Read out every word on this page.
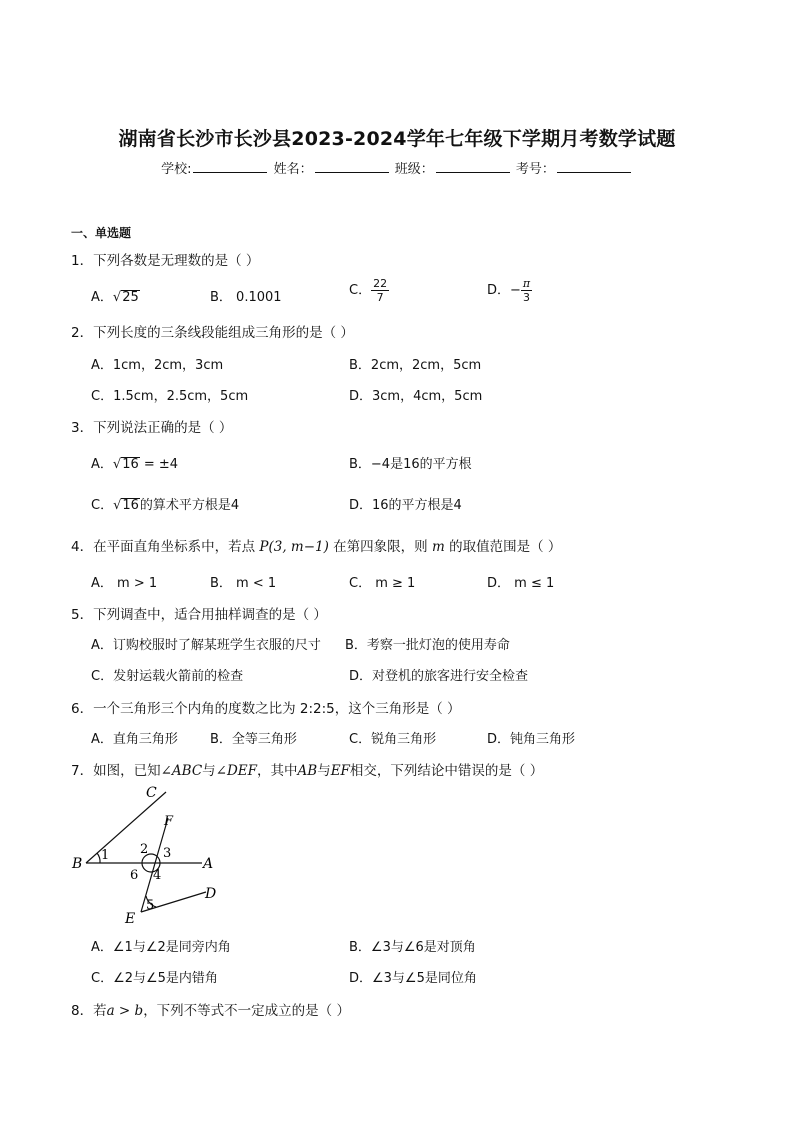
湖南省长沙市长沙县2023-2024学年七年级下学期月考数学试题
学校:	姓名：	班级：	考号：
一、单选题
1．下列各数是无理数的是（ ）
A．√25	B． 0.1001	C． $\frac{22}{7}$	D．− $\frac{\pi}{3}$
2．下列长度的三条线段能组成三角形的是（ ）
A．1cm，2cm，3cm	B．2cm，2cm，5cm
C．1.5cm，2.5cm，5cm	D．3cm，4cm，5cm
3．下列说法正确的是（ ）
A．√16 = ±4	B．−4是16的平方根
C．√16的算术平方根是4	D．16的平方根是4
4．在平面直角坐标系中，若点 P(3, m−1) 在第四象限，则 m 的取值范围是（ ）
A． m > 1	B． m < 1	C． m ≥ 1	D． m ≤ 1
5．下列调查中，适合用抽样调查的是（ ）
A．订购校服时了解某班学生衣服的尺寸 B．考察一批灯泡的使用寿命
C．发射运载火箭前的检查	D．对登机的旅客进行安全检查
6．一个三角形三个内角的度数之比为 2:2:5，这个三角形是（ ）
A．直角三角形 B．全等三角形	C．锐角三角形	D．钝角三角形
7．如图，已知∠ABC与∠DEF，其中AB与EF相交，下列结论中错误的是（ ）
C
F
B	A
E
D
1 2 3
4
5
6
A．∠1与∠2是同旁内角	B．∠3与∠6是对顶角
C．∠2与∠5是内错角	D．∠3与∠5是同位角
8．若a > b，下列不等式不一定成立的是（ ）
